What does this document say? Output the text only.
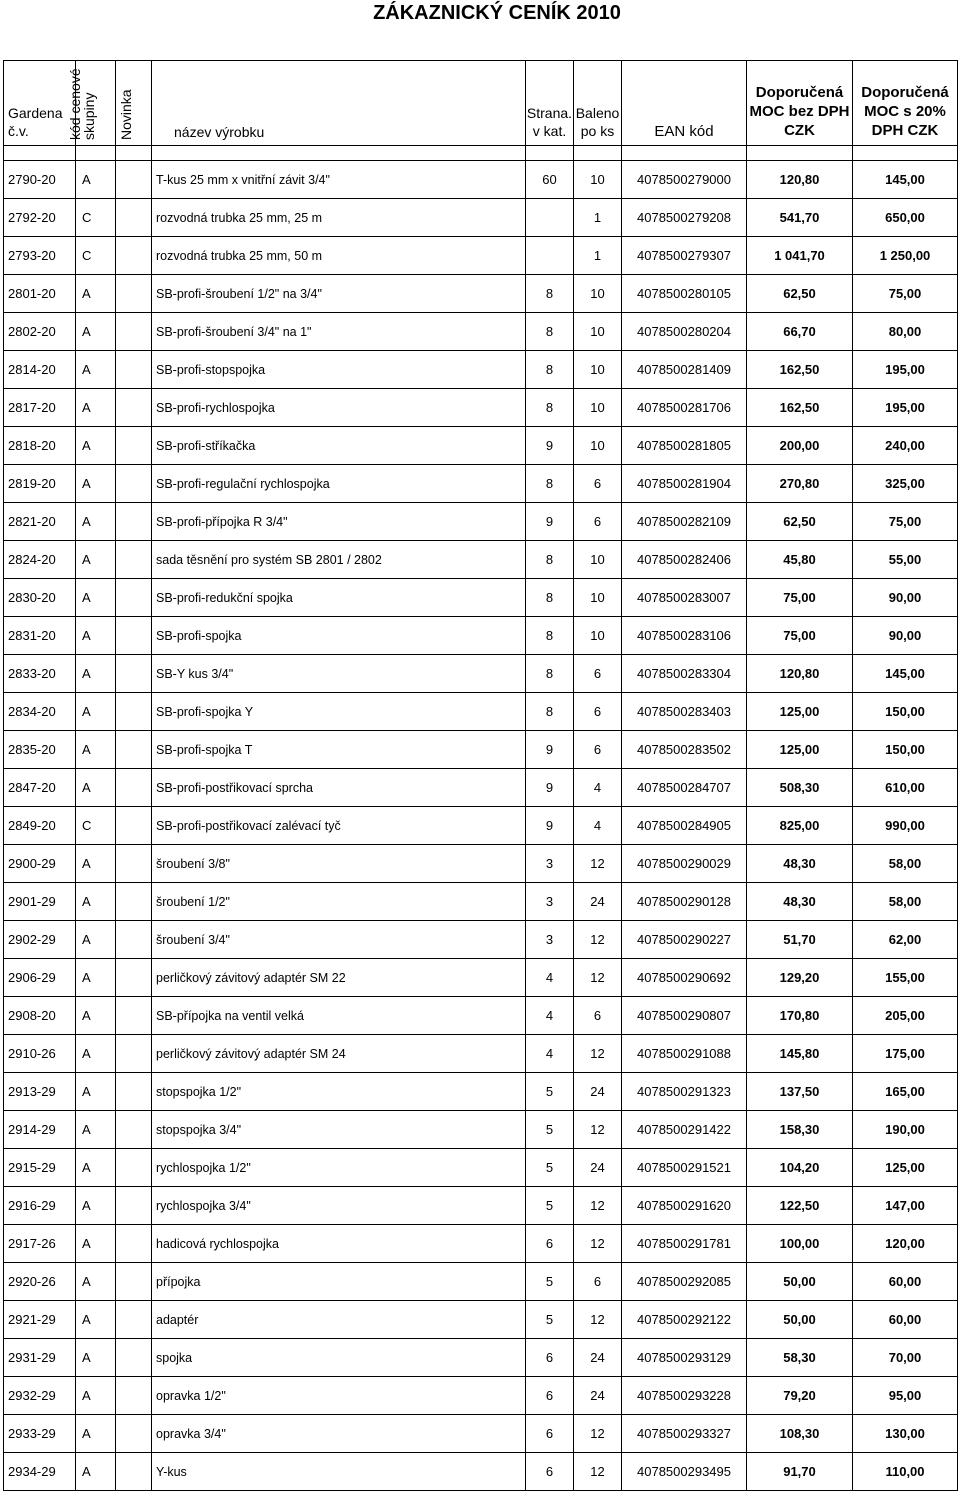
ZÁKAZNICKÝ CENÍK 2010
Gardena č.v.	kód cenové skupiny	Novinka	název výrobku	Strana. v kat.	Baleno po ks	EAN kód	Doporučená MOC bez DPH CZK	Doporučená MOC s 20% DPH CZK

2790-20	A		T-kus 25 mm x vnitřní závit 3/4"	60	10	4078500279000	120,80	145,00
2792-20	C		rozvodná trubka 25 mm, 25 m		1	4078500279208	541,70	650,00
2793-20	C		rozvodná trubka 25 mm, 50 m		1	4078500279307	1 041,70	1 250,00
2801-20	A		SB-profi-šroubení 1/2" na 3/4"	8	10	4078500280105	62,50	75,00
2802-20	A		SB-profi-šroubení 3/4" na 1"	8	10	4078500280204	66,70	80,00
2814-20	A		SB-profi-stopspojka	8	10	4078500281409	162,50	195,00
2817-20	A		SB-profi-rychlospojka	8	10	4078500281706	162,50	195,00
2818-20	A		SB-profi-stříkačka	9	10	4078500281805	200,00	240,00
2819-20	A		SB-profi-regulační rychlospojka	8	6	4078500281904	270,80	325,00
2821-20	A		SB-profi-přípojka R 3/4"	9	6	4078500282109	62,50	75,00
2824-20	A		sada těsnění pro systém SB 2801 / 2802	8	10	4078500282406	45,80	55,00
2830-20	A		SB-profi-redukční spojka	8	10	4078500283007	75,00	90,00
2831-20	A		SB-profi-spojka	8	10	4078500283106	75,00	90,00
2833-20	A		SB-Y kus 3/4"	8	6	4078500283304	120,80	145,00
2834-20	A		SB-profi-spojka Y	8	6	4078500283403	125,00	150,00
2835-20	A		SB-profi-spojka T	9	6	4078500283502	125,00	150,00
2847-20	A		SB-profi-postřikovací sprcha	9	4	4078500284707	508,30	610,00
2849-20	C		SB-profi-postřikovací zalévací tyč	9	4	4078500284905	825,00	990,00
2900-29	A		šroubení 3/8"	3	12	4078500290029	48,30	58,00
2901-29	A		šroubení 1/2"	3	24	4078500290128	48,30	58,00
2902-29	A		šroubení 3/4"	3	12	4078500290227	51,70	62,00
2906-29	A		perličkový závitový adaptér SM 22	4	12	4078500290692	129,20	155,00
2908-20	A		SB-přípojka na ventil velká	4	6	4078500290807	170,80	205,00
2910-26	A		perličkový závitový adaptér SM 24	4	12	4078500291088	145,80	175,00
2913-29	A		stopspojka 1/2"	5	24	4078500291323	137,50	165,00
2914-29	A		stopspojka 3/4"	5	12	4078500291422	158,30	190,00
2915-29	A		rychlospojka 1/2"	5	24	4078500291521	104,20	125,00
2916-29	A		rychlospojka 3/4"	5	12	4078500291620	122,50	147,00
2917-26	A		hadicová rychlospojka	6	12	4078500291781	100,00	120,00
2920-26	A		přípojka	5	6	4078500292085	50,00	60,00
2921-29	A		adaptér	5	12	4078500292122	50,00	60,00
2931-29	A		spojka	6	24	4078500293129	58,30	70,00
2932-29	A		opravka 1/2"	6	24	4078500293228	79,20	95,00
2933-29	A		opravka 3/4"	6	12	4078500293327	108,30	130,00
2934-29	A		Y-kus	6	12	4078500293495	91,70	110,00
